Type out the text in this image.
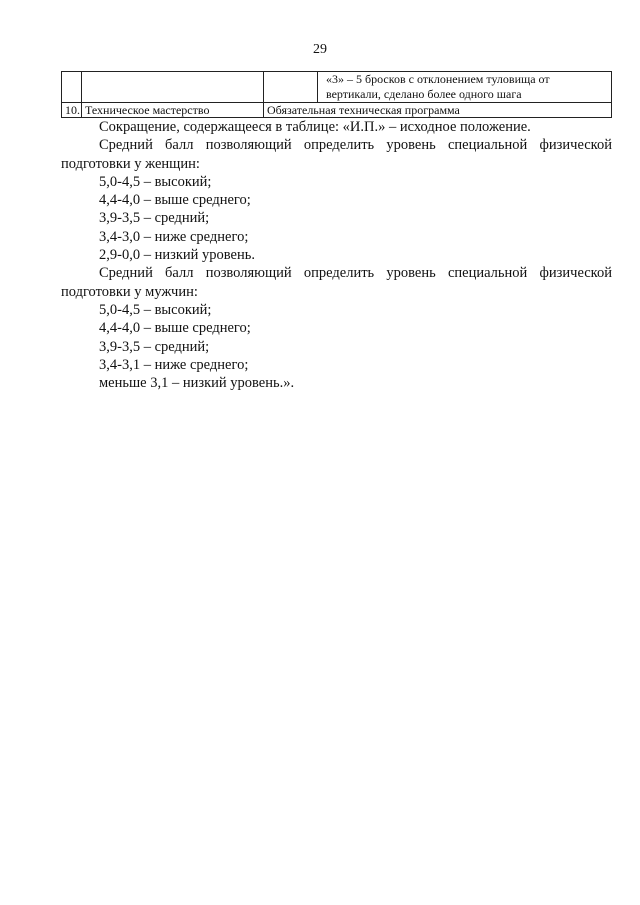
29
			«3» – 5 бросков с отклонением туловища от вертикали, сделано более одного шага
10.	Техническое мастерство	Обязательная техническая программа	
Сокращение, содержащееся в таблице: «И.П.» – исходное положение.
Средний балл позволяющий определить уровень специальной физической
подготовки у женщин:
5,0-4,5 – высокий;
4,4-4,0 – выше среднего;
3,9-3,5 – средний;
3,4-3,0 – ниже среднего;
2,9-0,0 – низкий уровень.
Средний балл позволяющий определить уровень специальной физической
подготовки у мужчин:
5,0-4,5 – высокий;
4,4-4,0 – выше среднего;
3,9-3,5 – средний;
3,4-3,1 – ниже среднего;
меньше 3,1 – низкий уровень.».
